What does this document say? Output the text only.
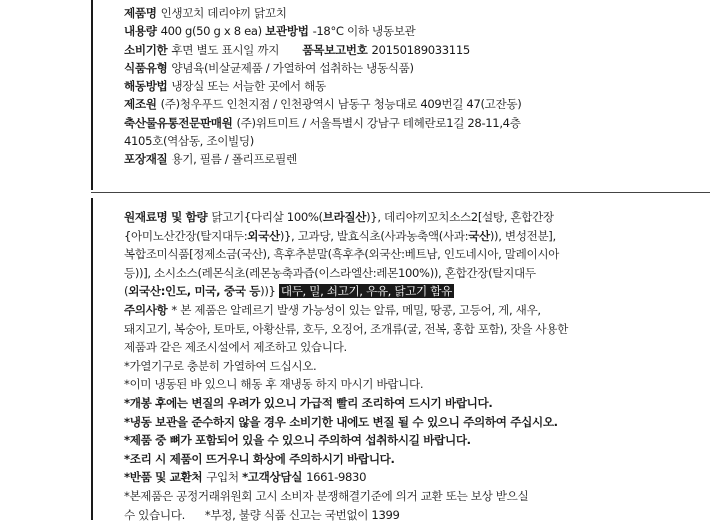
제품명 인생꼬치 데리야끼 닭꼬치
내용량 400 g(50 g x 8 ea) 보관방법 -18°C 이하 냉동보관
소비기한 후면 별도 표시일 까지 품목보고번호 20150189033115
식품유형 양념육(비살균제품 / 가열하여 섭취하는 냉동식품)
해동방법 냉장실 또는 서늘한 곳에서 해동
제조원 (주)청우푸드 인천지점 / 인천광역시 남동구 청능대로 409번길 47(고잔동)
축산물유통전문판매원 (주)위트미트 / 서울특별시 강남구 테헤란로1길 28-11,4층
4105호(역삼동, 조이빌딩)
포장재질 용기, 필름 / 폴리프로필렌
원재료명 및 함량 닭고기{다리살 100%(브라질산)}, 데리야끼꼬치소스2[설탕, 혼합간장
{아미노산간장(탈지대두:외국산)}, 고과당, 발효식초(사과농축액(사과:국산)), 변성전분],
복합조미식품[정제소금(국산), 흑후추분말(흑후추(외국산:베트남, 인도네시아, 말레이시아
등))], 소시소스(레몬식초(레몬농축과즙(이스라엘산:레몬100%)), 혼합간장(탈지대두
(외국산:인도, 미국, 중국 등))} 대두, 밀, 쇠고기, 우유, 닭고기 함유
주의사항 * 본 제품은 알레르기 발생 가능성이 있는 알류, 메밀, 땅콩, 고등어, 게, 새우,
돼지고기, 복숭아, 토마토, 아황산류, 호두, 오징어, 조개류(굴, 전복, 홍합 포함), 잣을 사용한
제품과 같은 제조시설에서 제조하고 있습니다.
*가열기구로 충분히 가열하여 드십시오.
*이미 냉동된 바 있으니 해동 후 재냉동 하지 마시기 바랍니다.
*개봉 후에는 변질의 우려가 있으니 가급적 빨리 조리하여 드시기 바랍니다.
*냉동 보관을 준수하지 않을 경우 소비기한 내에도 변질 될 수 있으니 주의하여 주십시오.
*제품 중 뼈가 포함되어 있을 수 있으니 주의하여 섭취하시길 바랍니다.
*조리 시 제품이 뜨거우니 화상에 주의하시기 바랍니다.
*반품 및 교환처 구입처 *고객상담실 1661-9830
*본제품은 공정거래위원회 고시 소비자 분쟁해결기준에 의거 교환 또는 보상 받으실
수 있습니다. *부정, 불량 식품 신고는 국번없이 1399
